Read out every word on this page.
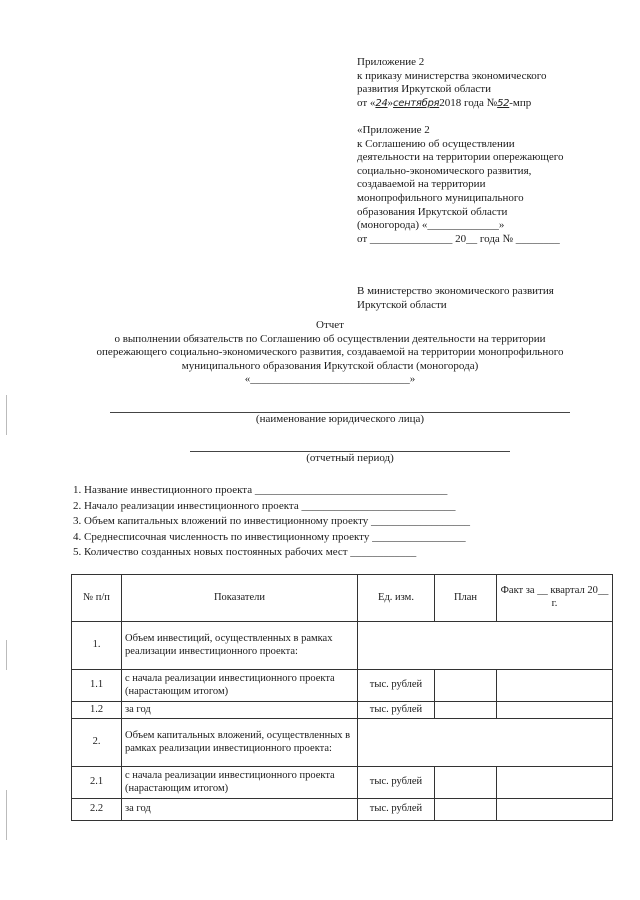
Приложение 2
к приказу министерства экономического
развития Иркутской области
от «24»сентября2018 года №52-мпр
«Приложение 2
к Соглашению об осуществлении
деятельности на территории опережающего
социально-экономического развития,
создаваемой на территории
монопрофильного муниципального
образования Иркутской области
(моногорода) «_____________»
от _______________ 20__ года № ________
В министерство экономического развития
Иркутской области
Отчет
о выполнении обязательств по Соглашению об осуществлении деятельности на территории
опережающего социально-экономического развития, создаваемой на территории монопрофильного
муниципального образования Иркутской области (моногорода)
«_____________________________»
(наименование юридического лица)
(отчетный период)
1. Название инвестиционного проекта ___________________________________
2. Начало реализации инвестиционного проекта ____________________________
3. Объем капитальных вложений по инвестиционному проекту __________________
4. Среднесписочная численность по инвестиционному проекту _________________
5. Количество созданных новых постоянных рабочих мест ____________
№ п/п	Показатели	Ед. изм.	План	Факт за __ квартал 20__ г.
1.	Объем инвестиций, осуществленных в рамках реализации инвестиционного проекта:			
1.1	с начала реализации инвестиционного проекта (нарастающим итогом)	тыс. рублей		
1.2	за год	тыс. рублей		
2.	Объем капитальных вложений, осуществленных в рамках реализации инвестиционного проекта:			
2.1	с начала реализации инвестиционного проекта (нарастающим итогом)	тыс. рублей		
2.2	за год	тыс. рублей		
